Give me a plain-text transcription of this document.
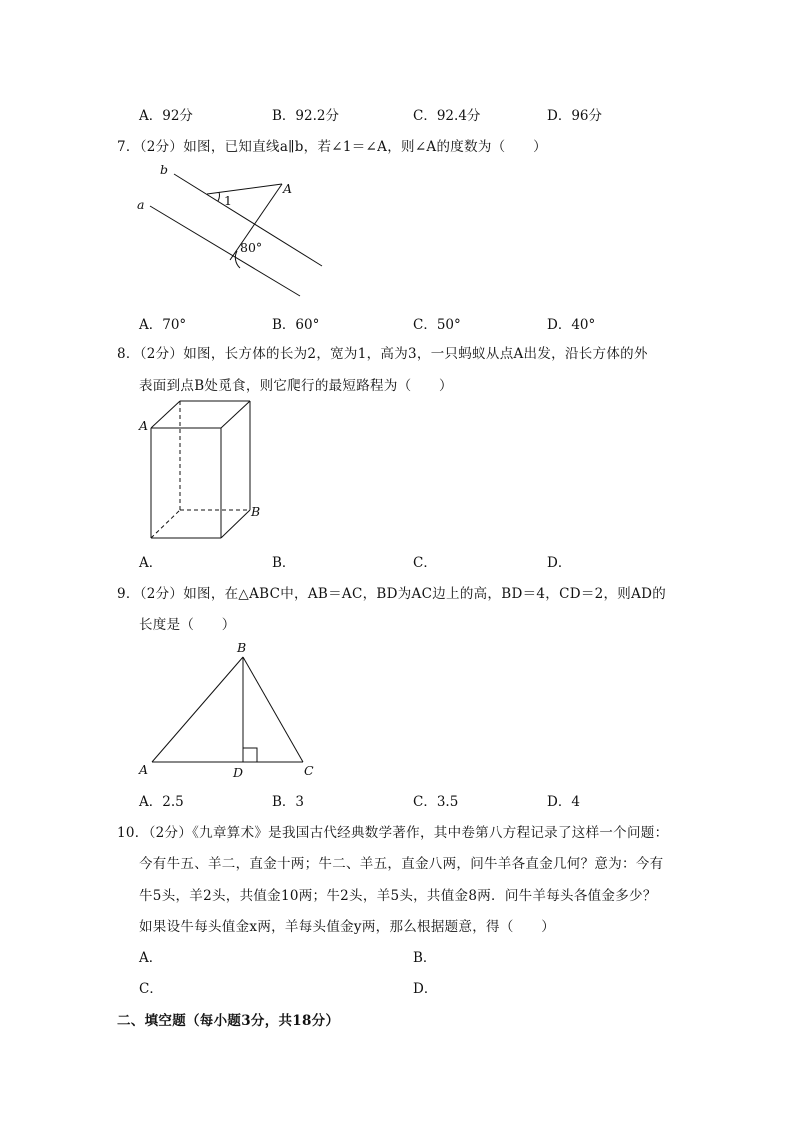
A．92分	B．92.2分	C．92.4分	D．96分
7．（2分）如图，已知直线a∥b，若∠1＝∠A，则∠A的度数为（　　）
b
a
A
1
80°
A．70°	B．60°	C．50°	D．40°
8．（2分）如图，长方体的长为2，宽为1，高为3，一只蚂蚁从点A出发，沿长方体的外
表面到点B处觅食，则它爬行的最短路程为（　　）
A
B
A．	B．	C．	D．
9．（2分）如图，在△ABC中，AB＝AC，BD为AC边上的高，BD＝4，CD＝2，则AD的
长度是（　　）
B
A	D	C
A．2.5	B．3	C．3.5	D．4
10．（2分）《九章算术》是我国古代经典数学著作，其中卷第八方程记录了这样一个问题：
今有牛五、羊二，直金十两；牛二、羊五，直金八两，问牛羊各直金几何？意为：今有
牛5头，羊2头，共值金10两；牛2头，羊5头，共值金8两．问牛羊每头各值金多少？
如果设牛每头值金x两，羊每头值金y两，那么根据题意，得（　　）
A．	B．
C．	D．
二、填空题（每小题3分，共18分）
